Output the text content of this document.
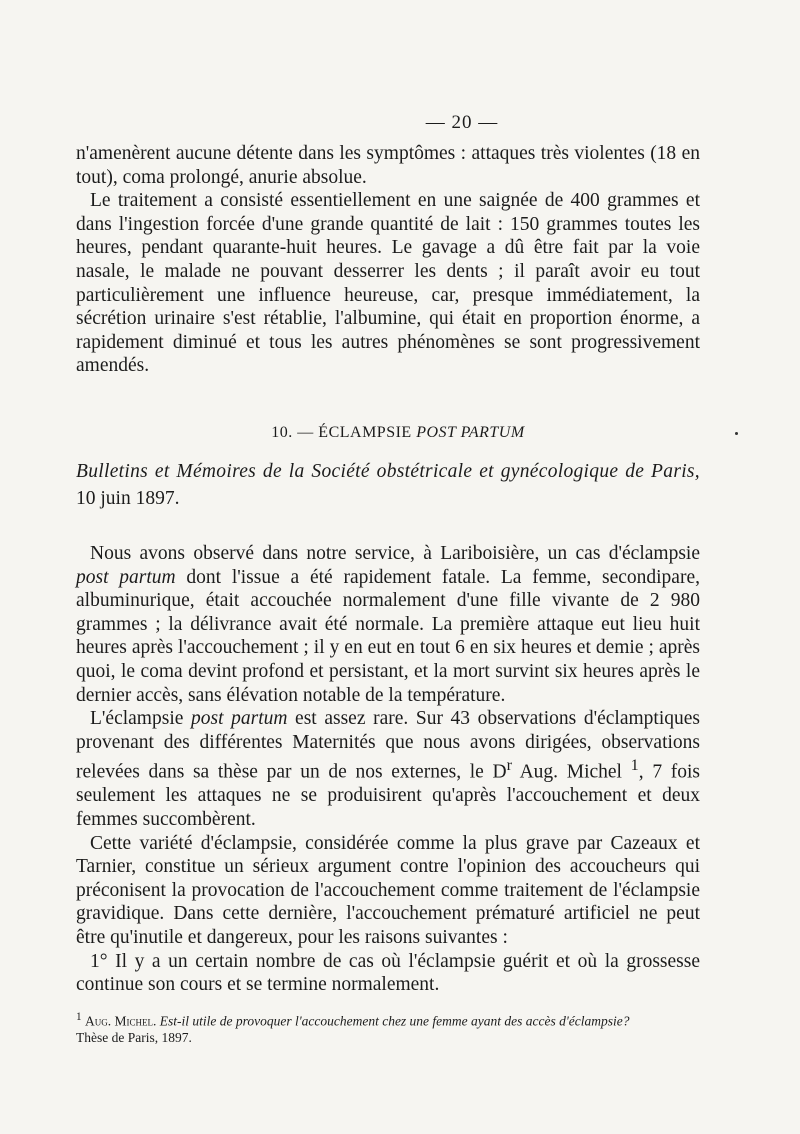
— 20 —

n'amenèrent aucune détente dans les symptômes : attaques très violentes (18 en tout), coma prolongé, anurie absolue.

Le traitement a consisté essentiellement en une saignée de 400 grammes et dans l'ingestion forcée d'une grande quantité de lait : 150 grammes toutes les heures, pendant quarante-huit heures. Le gavage a dû être fait par la voie nasale, le malade ne pouvant desserrer les dents ; il paraît avoir eu tout particulièrement une influence heureuse, car, presque immédiatement, la sécrétion urinaire s'est rétablie, l'albumine, qui était en proportion énorme, a rapidement diminué et tous les autres phénomènes se sont progressivement amendés.

10. — ÉCLAMPSIE POST PARTUM
Bulletins et Mémoires de la Société obstétricale et gynécologique de Paris, 10 juin 1897.

Nous avons observé dans notre service, à Lariboisière, un cas d'éclampsie post partum dont l'issue a été rapidement fatale. La femme, secondipare, albuminurique, était accouchée normalement d'une fille vivante de 2 980 grammes ; la délivrance avait été normale. La première attaque eut lieu huit heures après l'accouchement ; il y en eut en tout 6 en six heures et demie ; après quoi, le coma devint profond et persistant, et la mort survint six heures après le dernier accès, sans élévation notable de la température.

L'éclampsie post partum est assez rare. Sur 43 observations d'éclamptiques provenant des différentes Maternités que nous avons dirigées, observations relevées dans sa thèse par un de nos externes, le $D^r$ Aug. Michel $^1$, 7 fois seulement les attaques ne se produisirent qu'après l'accouchement et deux femmes succombèrent.

Cette variété d'éclampsie, considérée comme la plus grave par Cazeaux et Tarnier, constitue un sérieux argument contre l'opinion des accoucheurs qui préconisent la provocation de l'accouchement comme traitement de l'éclampsie gravidique. Dans cette dernière, l'accouchement prématuré artificiel ne peut être qu'inutile et dangereux, pour les raisons suivantes :

1° Il y a un certain nombre de cas où l'éclampsie guérit et où la grossesse continue son cours et se termine normalement.

$^1$ Aug. Michel. Est-il utile de provoquer l'accouchement chez une femme ayant des accès d'éclampsie?
Thèse de Paris, 1897.
